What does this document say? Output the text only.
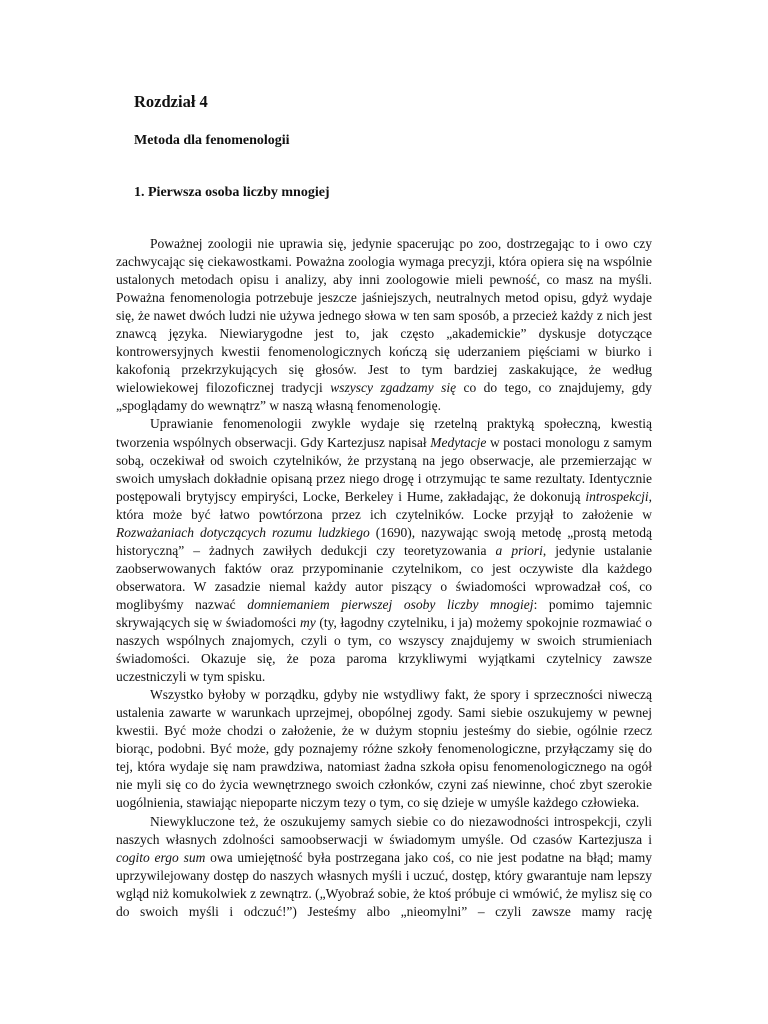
Rozdział 4
Metoda dla fenomenologii
1. Pierwsza osoba liczby mnogiej

Poważnej zoologii nie uprawia się, jedynie spacerując po zoo, dostrzegając to i owo czy zachwycając się ciekawostkami. Poważna zoologia wymaga precyzji, która opiera się na wspólnie ustalonych metodach opisu i analizy, aby inni zoologowie mieli pewność, co masz na myśli. Poważna fenomenologia potrzebuje jeszcze jaśniejszych, neutralnych metod opisu, gdyż wydaje się, że nawet dwóch ludzi nie używa jednego słowa w ten sam sposób, a przecież każdy z nich jest znawcą języka. Niewiarygodne jest to, jak często „akademickie” dyskusje dotyczące kontrowersyjnych kwestii fenomenologicznych kończą się uderzaniem pięściami w biurko i kakofonią przekrzykujących się głosów. Jest to tym bardziej zaskakujące, że według wielowiekowej filozoficznej tradycji wszyscy zgadzamy się co do tego, co znajdujemy, gdy „spoglądamy do wewnątrz” w naszą własną fenomenologię.

Uprawianie fenomenologii zwykle wydaje się rzetelną praktyką społeczną, kwestią tworzenia wspólnych obserwacji. Gdy Kartezjusz napisał Medytacje w postaci monologu z samym sobą, oczekiwał od swoich czytelników, że przystaną na jego obserwacje, ale przemierzając w swoich umysłach dokładnie opisaną przez niego drogę i otrzymując te same rezultaty. Identycznie postępowali brytyjscy empiryści, Locke, Berkeley i Hume, zakładając, że dokonują introspekcji, która może być łatwo powtórzona przez ich czytelników. Locke przyjął to założenie w Rozważaniach dotyczących rozumu ludzkiego (1690), nazywając swoją metodę „prostą metodą historyczną” – żadnych zawiłych dedukcji czy teoretyzowania a priori, jedynie ustalanie zaobserwowanych faktów oraz przypominanie czytelnikom, co jest oczywiste dla każdego obserwatora. W zasadzie niemal każdy autor piszący o świadomości wprowadzał coś, co moglibyśmy nazwać domniemaniem pierwszej osoby liczby mnogiej: pomimo tajemnic skrywających się w świadomości my (ty, łagodny czytelniku, i ja) możemy spokojnie rozmawiać o naszych wspólnych znajomych, czyli o tym, co wszyscy znajdujemy w swoich strumieniach świadomości. Okazuje się, że poza paroma krzykliwymi wyjątkami czytelnicy zawsze uczestniczyli w tym spisku.

Wszystko byłoby w porządku, gdyby nie wstydliwy fakt, że spory i sprzeczności niweczą ustalenia zawarte w warunkach uprzejmej, obopólnej zgody. Sami siebie oszukujemy w pewnej kwestii. Być może chodzi o założenie, że w dużym stopniu jesteśmy do siebie, ogólnie rzecz biorąc, podobni. Być może, gdy poznajemy różne szkoły fenomenologiczne, przyłączamy się do tej, która wydaje się nam prawdziwa, natomiast żadna szkoła opisu fenomenologicznego na ogół nie myli się co do życia wewnętrznego swoich członków, czyni zaś niewinne, choć zbyt szerokie uogólnienia, stawiając niepoparte niczym tezy o tym, co się dzieje w umyśle każdego człowieka.

Niewykluczone też, że oszukujemy samych siebie co do niezawodności introspekcji, czyli naszych własnych zdolności samoobserwacji w świadomym umyśle. Od czasów Kartezjusza i cogito ergo sum owa umiejętność była postrzegana jako coś, co nie jest podatne na błąd; mamy uprzywilejowany dostęp do naszych własnych myśli i uczuć, dostęp, który gwarantuje nam lepszy wgląd niż komukolwiek z zewnątrz. („Wyobraź sobie, że ktoś próbuje ci wmówić, że mylisz się co do swoich myśli i odczuć!”) Jesteśmy albo „nieomylni” – czyli zawsze mamy rację
